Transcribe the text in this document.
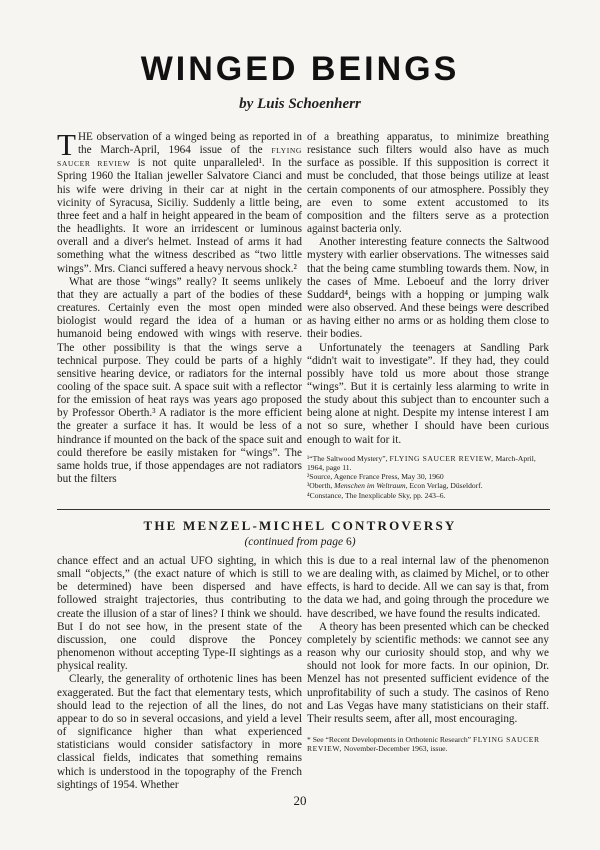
WINGED BEINGS
by Luis Schoenherr

THE observation of a winged being as reported in the March-April, 1964 issue of the FLYING SAUCER REVIEW is not quite unparalleled¹. In the Spring 1960 the Italian jeweller Salvatore Cianci and his wife were driving in their car at night in the vicinity of Syracusa, Siciliy. Suddenly a little being, three feet and a half in height appeared in the beam of the headlights. It wore an irridescent or luminous overall and a diver's helmet. Instead of arms it had something what the witness described as “two little wings”. Mrs. Cianci suffered a heavy nervous shock.²

What are those “wings” really? It seems unlikely that they are actually a part of the bodies of these creatures. Certainly even the most open minded biologist would regard the idea of a human or humanoid being endowed with wings with reserve. The other possibility is that the wings serve a technical purpose. They could be parts of a highly sensitive hearing device, or radiators for the internal cooling of the space suit. A space suit with a reflector for the emission of heat rays was years ago proposed by Professor Oberth.³ A radiator is the more efficient the greater a surface it has. It would be less of a hindrance if mounted on the back of the space suit and could therefore be easily mistaken for “wings”. The same holds true, if those appendages are not radiators but the filters

of a breathing apparatus, to minimize breathing resistance such filters would also have as much surface as possible. If this supposition is correct it must be concluded, that those beings utilize at least certain components of our atmosphere. Possibly they are even to some extent accustomed to its composition and the filters serve as a protection against bacteria only.

Another interesting feature connects the Saltwood mystery with earlier observations. The witnesses said that the being came stumbling towards them. Now, in the cases of Mme. Leboeuf and the lorry driver Suddard⁴, beings with a hopping or jumping walk were also observed. And these beings were described as having either no arms or as holding them close to their bodies.

Unfortunately the teenagers at Sandling Park “didn't wait to investigate”. If they had, they could possibly have told us more about those strange “wings”. But it is certainly less alarming to write in the study about this subject than to encounter such a being alone at night. Despite my intense interest I am not so sure, whether I should have been curious enough to wait for it.

¹“The Saltwood Mystery”, FLYING SAUCER REVIEW, March-April, 1964, page 11.
²Source, Agence France Press, May 30, 1960
³Oberth, Menschen im Weltraum, Econ Verlag, Düseldorf.
⁴Constance, The Inexplicable Sky, pp. 243–6.
THE MENZEL-MICHEL CONTROVERSY
(continued from page 6)

chance effect and an actual UFO sighting, in which small “objects,” (the exact nature of which is still to be determined) have been dispersed and have followed straight trajectories, thus contributing to create the illusion of a star of lines? I think we should. But I do not see how, in the present state of the discussion, one could disprove the Poncey phenomenon without accepting Type-II sightings as a physical reality.

Clearly, the generality of orthotenic lines has been exaggerated. But the fact that elementary tests, which should lead to the rejection of all the lines, do not appear to do so in several occasions, and yield a level of significance higher than what experienced statisticians would consider satisfactory in more classical fields, indicates that something remains which is understood in the topography of the French sightings of 1954. Whether

this is due to a real internal law of the phenomenon we are dealing with, as claimed by Michel, or to other effects, is hard to decide. All we can say is that, from the data we had, and going through the procedure we have described, we have found the results indicated.

A theory has been presented which can be checked completely by scientific methods: we cannot see any reason why our curiosity should stop, and why we should not look for more facts. In our opinion, Dr. Menzel has not presented sufficient evidence of the unprofitability of such a study. The casinos of Reno and Las Vegas have many statisticians on their staff. Their results seem, after all, most encouraging.

* See “Recent Developments in Orthotenic Research” FLYING SAUCER REVIEW, November-December 1963, issue.
20
